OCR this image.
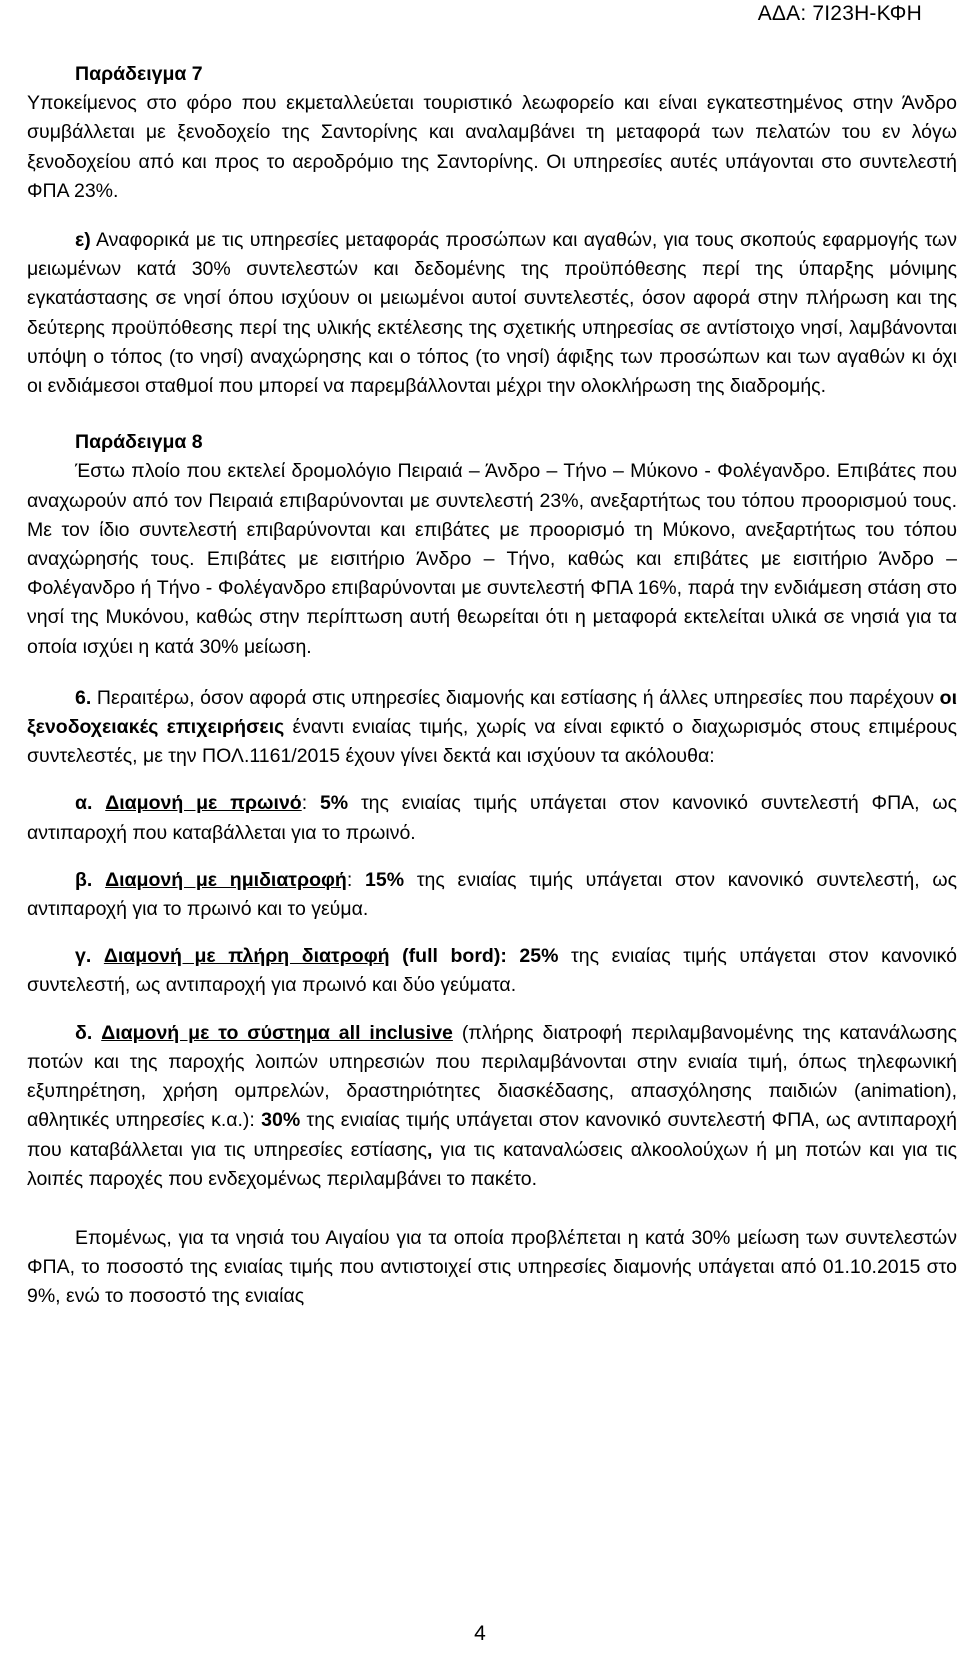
ΑΔΑ: 7Ι23Η-ΚΦΗ

Παράδειγμα 7

Υποκείμενος στο φόρο που εκμεταλλεύεται τουριστικό λεωφορείο και είναι εγκατεστημένος στην Άνδρο συμβάλλεται με ξενοδοχείο της Σαντορίνης και αναλαμβάνει τη μεταφορά των πελατών του εν λόγω ξενοδοχείου από και προς το αεροδρόμιο της Σαντορίνης. Οι υπηρεσίες αυτές υπάγονται στο συντελεστή ΦΠΑ 23%.

ε) Αναφορικά με τις υπηρεσίες μεταφοράς προσώπων και αγαθών, για τους σκοπούς εφαρμογής των μειωμένων κατά 30% συντελεστών και δεδομένης της προϋπόθεσης περί της ύπαρξης μόνιμης εγκατάστασης σε νησί όπου ισχύουν οι μειωμένοι αυτοί συντελεστές, όσον αφορά στην πλήρωση και της δεύτερης προϋπόθεσης περί της υλικής εκτέλεσης της σχετικής υπηρεσίας σε αντίστοιχο νησί, λαμβάνονται υπόψη ο τόπος (το νησί) αναχώρησης και ο τόπος (το νησί) άφιξης των προσώπων και των αγαθών κι όχι οι ενδιάμεσοι σταθμοί που μπορεί να παρεμβάλλονται μέχρι την ολοκλήρωση της διαδρομής.

Παράδειγμα 8

Έστω πλοίο που εκτελεί δρομολόγιο Πειραιά – Άνδρο – Τήνο – Μύκονο - Φολέγανδρο. Επιβάτες που αναχωρούν από τον Πειραιά επιβαρύνονται με συντελεστή 23%, ανεξαρτήτως του τόπου προορισμού τους. Με τον ίδιο συντελεστή επιβαρύνονται και επιβάτες με προορισμό τη Μύκονο, ανεξαρτήτως του τόπου αναχώρησής τους. Επιβάτες με εισιτήριο Άνδρο – Τήνο, καθώς και επιβάτες με εισιτήριο Άνδρο – Φολέγανδρο ή Τήνο - Φολέγανδρο επιβαρύνονται με συντελεστή ΦΠΑ 16%, παρά την ενδιάμεση στάση στο νησί της Μυκόνου, καθώς στην περίπτωση αυτή θεωρείται ότι η μεταφορά εκτελείται υλικά σε νησιά για τα οποία ισχύει η κατά 30% μείωση.

6. Περαιτέρω, όσον αφορά στις υπηρεσίες διαμονής και εστίασης ή άλλες υπηρεσίες που παρέχουν οι ξενοδοχειακές επιχειρήσεις έναντι ενιαίας τιμής, χωρίς να είναι εφικτό ο διαχωρισμός στους επιμέρους συντελεστές, με την ΠΟΛ.1161/2015 έχουν γίνει δεκτά και ισχύουν τα ακόλουθα:

α. Διαμονή με πρωινό: 5% της ενιαίας τιμής υπάγεται στον κανονικό συντελεστή ΦΠΑ, ως αντιπαροχή που καταβάλλεται για το πρωινό.

β. Διαμονή με ημιδιατροφή: 15% της ενιαίας τιμής υπάγεται στον κανονικό συντελεστή, ως αντιπαροχή για το πρωινό και το γεύμα.

γ. Διαμονή με πλήρη διατροφή (full bord): 25% της ενιαίας τιμής υπάγεται στον κανονικό συντελεστή, ως αντιπαροχή για πρωινό και δύο γεύματα.

δ. Διαμονή με το σύστημα all inclusive (πλήρης διατροφή περιλαμβανομένης της κατανάλωσης ποτών και της παροχής λοιπών υπηρεσιών που περιλαμβάνονται στην ενιαία τιμή, όπως τηλεφωνική εξυπηρέτηση, χρήση ομπρελών, δραστηριότητες διασκέδασης, απασχόλησης παιδιών (animation), αθλητικές υπηρεσίες κ.α.): 30% της ενιαίας τιμής υπάγεται στον κανονικό συντελεστή ΦΠΑ, ως αντιπαροχή που καταβάλλεται για τις υπηρεσίες εστίασης, για τις καταναλώσεις αλκοολούχων ή μη ποτών και για τις λοιπές παροχές που ενδεχομένως περιλαμβάνει το πακέτο.

Επομένως, για τα νησιά του Αιγαίου για τα οποία προβλέπεται η κατά 30% μείωση των συντελεστών ΦΠΑ, το ποσοστό της ενιαίας τιμής που αντιστοιχεί στις υπηρεσίες διαμονής υπάγεται από 01.10.2015 στο 9%, ενώ το ποσοστό της ενιαίας

4
